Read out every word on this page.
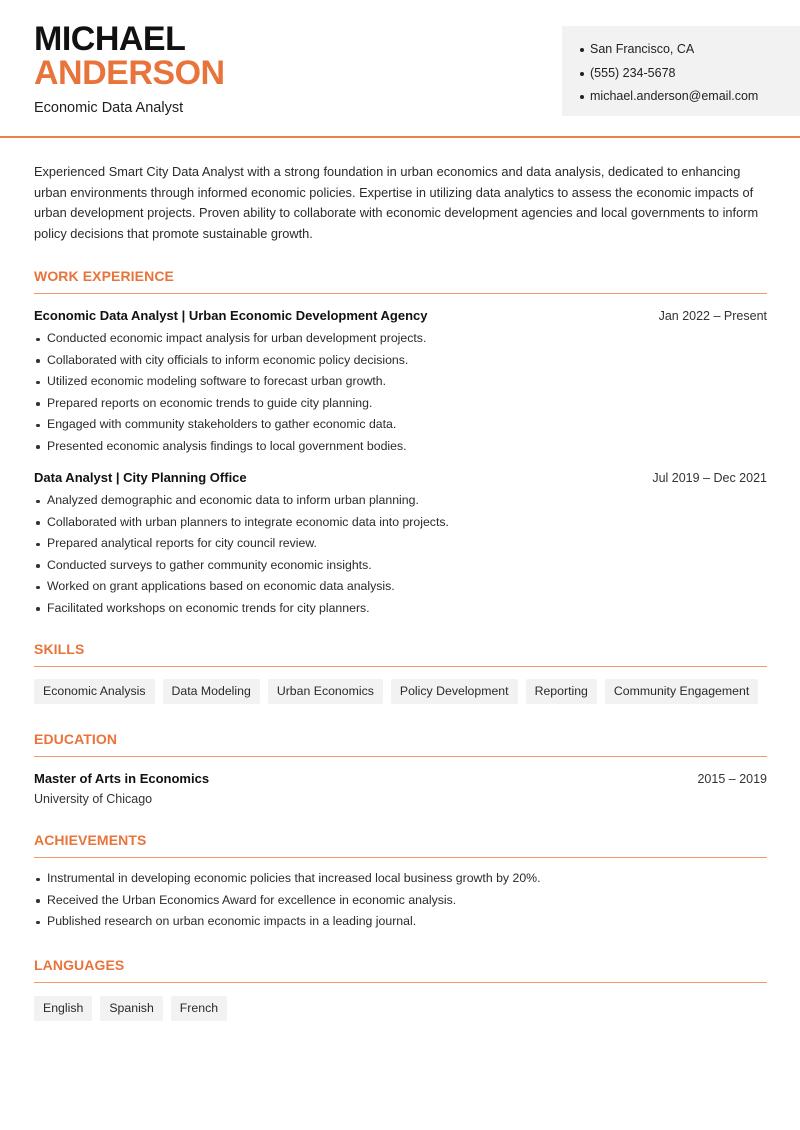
MICHAEL
ANDERSON
Economic Data Analyst
San Francisco, CA
(555) 234-5678
michael.anderson@email.com

Experienced Smart City Data Analyst with a strong foundation in urban economics and data analysis, dedicated to enhancing urban environments through informed economic policies. Expertise in utilizing data analytics to assess the economic impacts of urban development projects. Proven ability to collaborate with economic development agencies and local governments to inform policy decisions that promote sustainable growth.

WORK EXPERIENCE
Economic Data Analyst | Urban Economic Development Agency	Jan 2022 – Present
Conducted economic impact analysis for urban development projects.
Collaborated with city officials to inform economic policy decisions.
Utilized economic modeling software to forecast urban growth.
Prepared reports on economic trends to guide city planning.
Engaged with community stakeholders to gather economic data.
Presented economic analysis findings to local government bodies.
Data Analyst | City Planning Office	Jul 2019 – Dec 2021
Analyzed demographic and economic data to inform urban planning.
Collaborated with urban planners to integrate economic data into projects.
Prepared analytical reports for city council review.
Conducted surveys to gather community economic insights.
Worked on grant applications based on economic data analysis.
Facilitated workshops on economic trends for city planners.
SKILLS
Economic Analysis	Data Modeling	Urban Economics	Policy Development	Reporting	Community Engagement
EDUCATION
Master of Arts in Economics	2015 – 2019
University of Chicago
ACHIEVEMENTS
Instrumental in developing economic policies that increased local business growth by 20%.
Received the Urban Economics Award for excellence in economic analysis.
Published research on urban economic impacts in a leading journal.
LANGUAGES
English	Spanish	French
